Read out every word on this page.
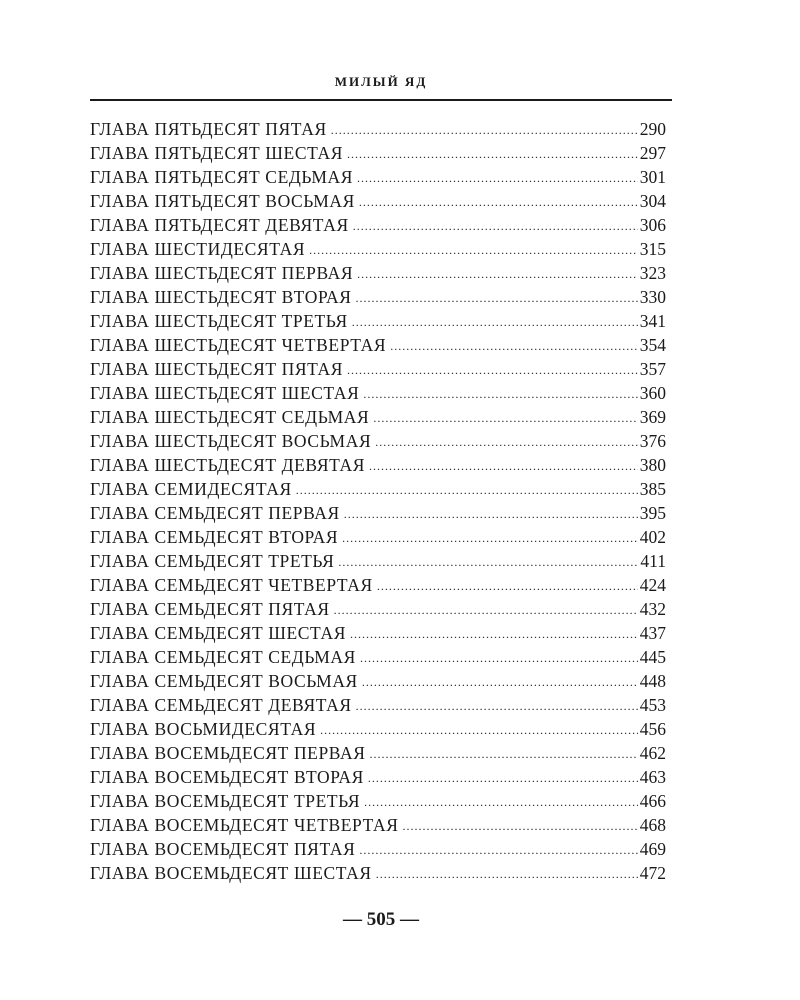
МИЛЫЙ ЯД
ГЛАВА ПЯТЬДЕСЯТ ПЯТАЯ .....	290
ГЛАВА ПЯТЬДЕСЯТ ШЕСТАЯ .....	297
ГЛАВА ПЯТЬДЕСЯТ СЕДЬМАЯ .....	301
ГЛАВА ПЯТЬДЕСЯТ ВОСЬМАЯ .....	304
ГЛАВА ПЯТЬДЕСЯТ ДЕВЯТАЯ .....	306
ГЛАВА ШЕСТИДЕСЯТАЯ .....	315
ГЛАВА ШЕСТЬДЕСЯТ ПЕРВАЯ .....	323
ГЛАВА ШЕСТЬДЕСЯТ ВТОРАЯ .....	330
ГЛАВА ШЕСТЬДЕСЯТ ТРЕТЬЯ .....	341
ГЛАВА ШЕСТЬДЕСЯТ ЧЕТВЕРТАЯ .....	354
ГЛАВА ШЕСТЬДЕСЯТ ПЯТАЯ .....	357
ГЛАВА ШЕСТЬДЕСЯТ ШЕСТАЯ .....	360
ГЛАВА ШЕСТЬДЕСЯТ СЕДЬМАЯ .....	369
ГЛАВА ШЕСТЬДЕСЯТ ВОСЬМАЯ .....	376
ГЛАВА ШЕСТЬДЕСЯТ ДЕВЯТАЯ .....	380
ГЛАВА СЕМИДЕСЯТАЯ .....	385
ГЛАВА СЕМЬДЕСЯТ ПЕРВАЯ .....	395
ГЛАВА СЕМЬДЕСЯТ ВТОРАЯ .....	402
ГЛАВА СЕМЬДЕСЯТ ТРЕТЬЯ .....	411
ГЛАВА СЕМЬДЕСЯТ ЧЕТВЕРТАЯ .....	424
ГЛАВА СЕМЬДЕСЯТ ПЯТАЯ .....	432
ГЛАВА СЕМЬДЕСЯТ ШЕСТАЯ .....	437
ГЛАВА СЕМЬДЕСЯТ СЕДЬМАЯ .....	445
ГЛАВА СЕМЬДЕСЯТ ВОСЬМАЯ .....	448
ГЛАВА СЕМЬДЕСЯТ ДЕВЯТАЯ .....	453
ГЛАВА ВОСЬМИДЕСЯТАЯ .....	456
ГЛАВА ВОСЕМЬДЕСЯТ ПЕРВАЯ .....	462
ГЛАВА ВОСЕМЬДЕСЯТ ВТОРАЯ .....	463
ГЛАВА ВОСЕМЬДЕСЯТ ТРЕТЬЯ .....	466
ГЛАВА ВОСЕМЬДЕСЯТ ЧЕТВЕРТАЯ .....	468
ГЛАВА ВОСЕМЬДЕСЯТ ПЯТАЯ .....	469
ГЛАВА ВОСЕМЬДЕСЯТ ШЕСТАЯ .....	472
— 505 —
